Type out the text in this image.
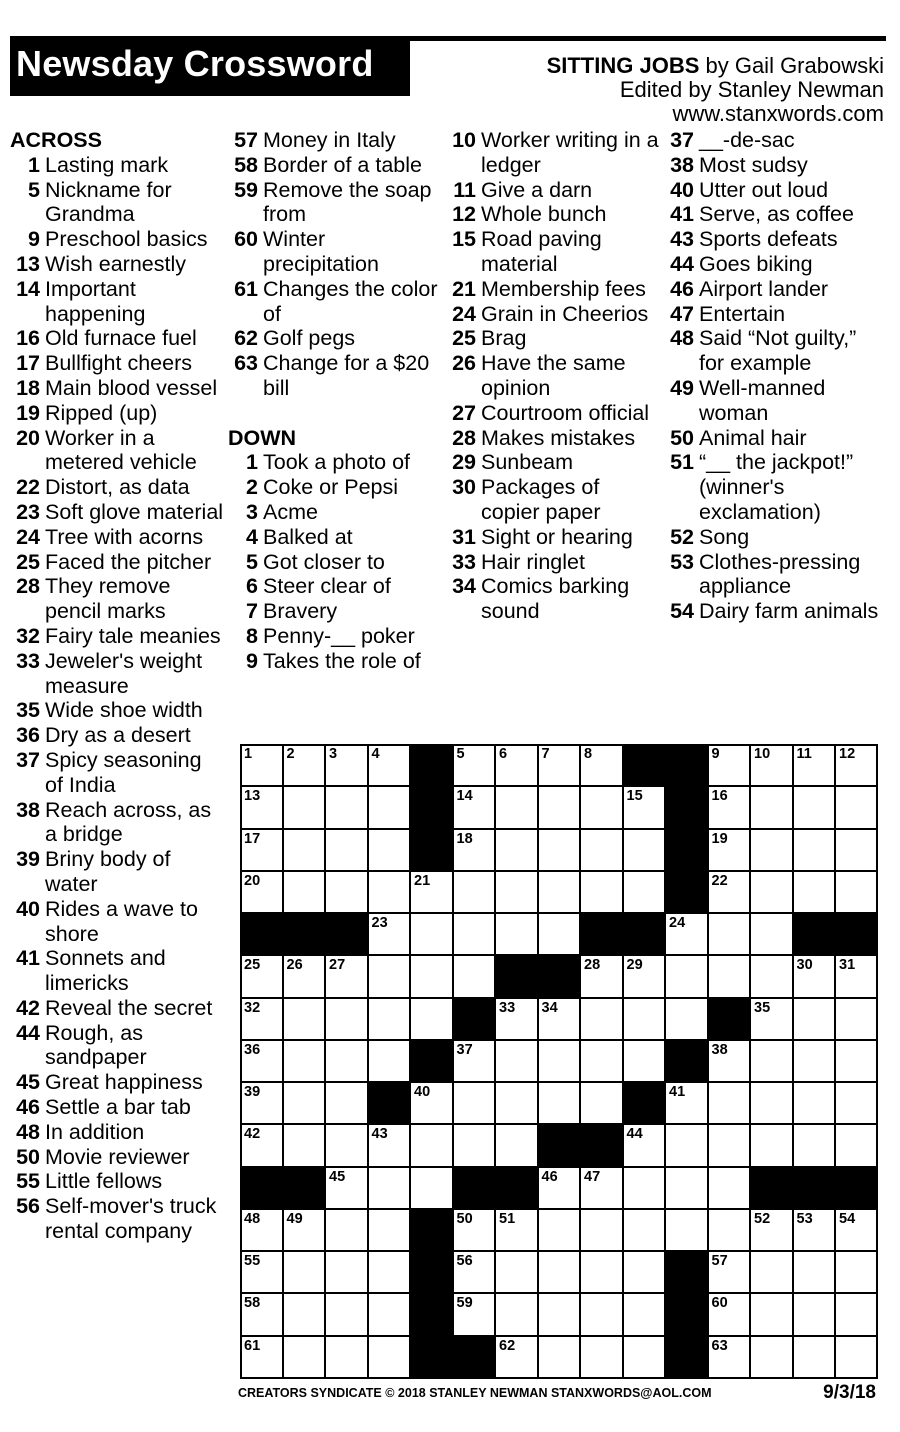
Newsday Crossword	SITTING JOBS by Gail Grabowski
Edited by Stanley Newman
www.stanxwords.com
ACROSS
1 Lasting mark
5 Nickname for Grandma
9 Preschool basics
13 Wish earnestly
14 Important happening
16 Old furnace fuel
17 Bullfight cheers
18 Main blood vessel
19 Ripped (up)
20 Worker in a metered vehicle
22 Distort, as data
23 Soft glove material
24 Tree with acorns
25 Faced the pitcher
28 They remove pencil marks
32 Fairy tale meanies
33 Jeweler's weight measure
35 Wide shoe width
36 Dry as a desert
37 Spicy seasoning of India
38 Reach across, as a bridge
39 Briny body of water
40 Rides a wave to shore
41 Sonnets and limericks
42 Reveal the secret
44 Rough, as sandpaper
45 Great happiness
46 Settle a bar tab
48 In addition
50 Movie reviewer
55 Little fellows
56 Self-mover's truck rental company
57 Money in Italy
58 Border of a table
59 Remove the soap from
60 Winter precipitation
61 Changes the color of
62 Golf pegs
63 Change for a $20 bill
DOWN
1 Took a photo of
2 Coke or Pepsi
3 Acme
4 Balked at
5 Got closer to
6 Steer clear of
7 Bravery
8 Penny-__ poker
9 Takes the role of
10 Worker writing in a ledger
11 Give a darn
12 Whole bunch
15 Road paving material
21 Membership fees
24 Grain in Cheerios
25 Brag
26 Have the same opinion
27 Courtroom official
28 Makes mistakes
29 Sunbeam
30 Packages of copier paper
31 Sight or hearing
33 Hair ringlet
34 Comics barking sound
37 __-de-sac
38 Most sudsy
40 Utter out loud
41 Serve, as coffee
43 Sports defeats
44 Goes biking
46 Airport lander
47 Entertain
48 Said “Not guilty,” for example
49 Well-manned woman
50 Animal hair
51 “__ the jackpot!” (winner's exclamation)
52 Song
53 Clothes-pressing appliance
54 Dairy farm animals
1 2 3 4	5 6 7 8	9 10 11 12
13	14	15	16
17	18	19
20	21	22
23	24
25 26 27	28 29	30 31
32	33 34	35
36	37	38
39	40	41
42	43	44
45	46 47
48 49	50 51	52 53 54
55	56	57
58	59	60
61	62	63
CREATORS SYNDICATE © 2018 STANLEY NEWMAN STANXWORDS@AOL.COM	9/3/18
